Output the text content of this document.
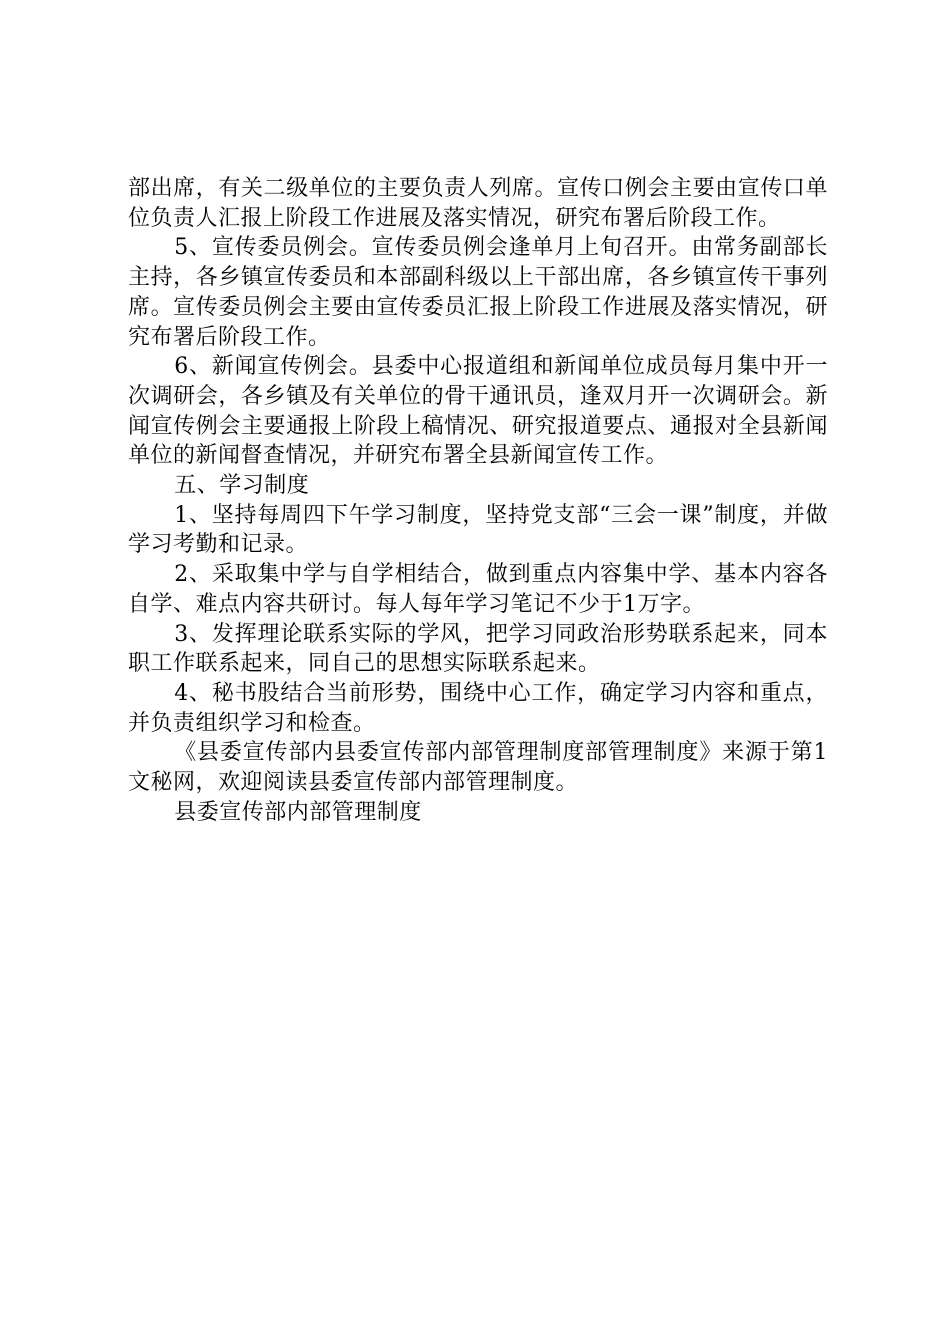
部出席，有关二级单位的主要负责人列席。宣传口例会主要由宣传口单位负责人汇报上阶段工作进展及落实情况，研究布署后阶段工作。

5、宣传委员例会。宣传委员例会逢单月上旬召开。由常务副部长主持，各乡镇宣传委员和本部副科级以上干部出席，各乡镇宣传干事列席。宣传委员例会主要由宣传委员汇报上阶段工作进展及落实情况，研究布署后阶段工作。

6、新闻宣传例会。县委中心报道组和新闻单位成员每月集中开一次调研会，各乡镇及有关单位的骨干通讯员，逢双月开一次调研会。新闻宣传例会主要通报上阶段上稿情况、研究报道要点、通报对全县新闻单位的新闻督查情况，并研究布署全县新闻宣传工作。

五、学习制度

1、坚持每周四下午学习制度，坚持党支部“三会一课”制度，并做学习考勤和记录。

2、采取集中学与自学相结合，做到重点内容集中学、基本内容各自学、难点内容共研讨。每人每年学习笔记不少于1万字。

3、发挥理论联系实际的学风，把学习同政治形势联系起来，同本职工作联系起来，同自己的思想实际联系起来。

4、秘书股结合当前形势，围绕中心工作，确定学习内容和重点，并负责组织学习和检查。

《县委宣传部内县委宣传部内部管理制度部管理制度》来源于第1文秘网，欢迎阅读县委宣传部内部管理制度。

县委宣传部内部管理制度
